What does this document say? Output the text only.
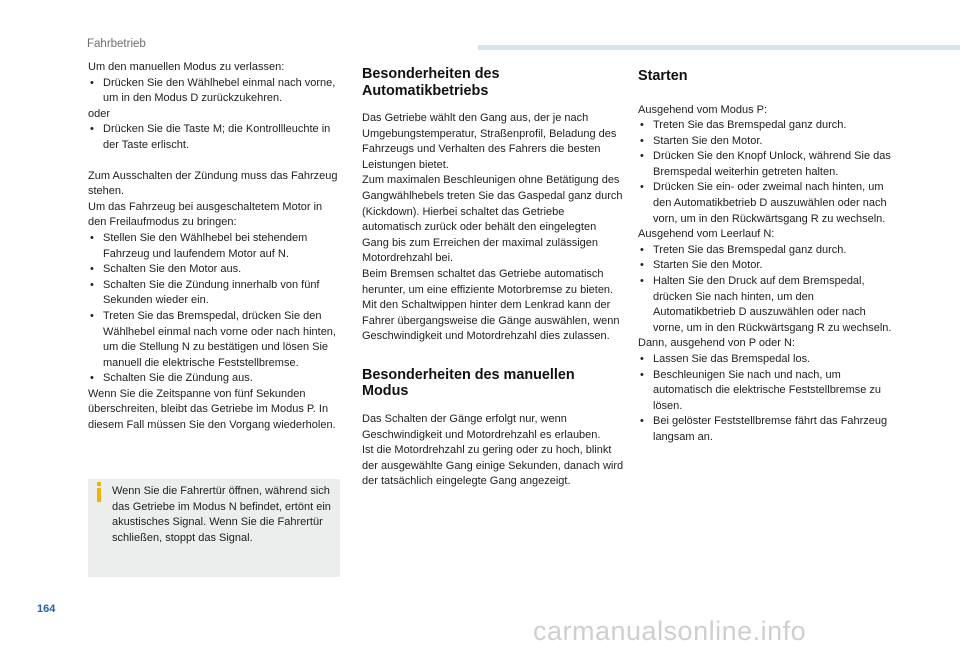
Fahrbetrieb

Um den manuellen Modus zu verlassen:

• Drücken Sie den Wählhebel einmal nach vorne, um in den Modus D zurückzukehren.

oder

• Drücken Sie die Taste M; die Kontrollleuchte in der Taste erlischt.

Zum Ausschalten der Zündung muss das Fahrzeug stehen.

Um das Fahrzeug bei ausgeschaltetem Motor in den Freilaufmodus zu bringen:

• Stellen Sie den Wählhebel bei stehendem Fahrzeug und laufendem Motor auf N.

• Schalten Sie den Motor aus.

• Schalten Sie die Zündung innerhalb von fünf Sekunden wieder ein.

• Treten Sie das Bremspedal, drücken Sie den Wählhebel einmal nach vorne oder nach hinten, um die Stellung N zu bestätigen und lösen Sie manuell die elektrische Feststellbremse.

• Schalten Sie die Zündung aus.

Wenn Sie die Zeitspanne von fünf Sekunden überschreiten, bleibt das Getriebe im Modus P. In diesem Fall müssen Sie den Vorgang wiederholen.

Wenn Sie die Fahrertür öffnen, während sich das Getriebe im Modus N befindet, ertönt ein akustisches Signal. Wenn Sie die Fahrertür schließen, stoppt das Signal.

Besonderheiten des Automatikbetriebs

Das Getriebe wählt den Gang aus, der je nach Umgebungstemperatur, Straßenprofil, Beladung des Fahrzeugs und Verhalten des Fahrers die besten Leistungen bietet.

Zum maximalen Beschleunigen ohne Betätigung des Gangwählhebels treten Sie das Gaspedal ganz durch (Kickdown). Hierbei schaltet das Getriebe automatisch zurück oder behält den eingelegten Gang bis zum Erreichen der maximal zulässigen Motordrehzahl bei.

Beim Bremsen schaltet das Getriebe automatisch herunter, um eine effiziente Motorbremse zu bieten.

Mit den Schaltwippen hinter dem Lenkrad kann der Fahrer übergangsweise die Gänge auswählen, wenn Geschwindigkeit und Motordrehzahl dies zulassen.

Besonderheiten des manuellen Modus

Das Schalten der Gänge erfolgt nur, wenn Geschwindigkeit und Motordrehzahl es erlauben.

Ist die Motordrehzahl zu gering oder zu hoch, blinkt der ausgewählte Gang einige Sekunden, danach wird der tatsächlich eingelegte Gang angezeigt.

Starten

Ausgehend vom Modus P:

• Treten Sie das Bremspedal ganz durch.

• Starten Sie den Motor.

• Drücken Sie den Knopf Unlock, während Sie das Bremspedal weiterhin getreten halten.

• Drücken Sie ein- oder zweimal nach hinten, um den Automatikbetrieb D auszuwählen oder nach vorn, um in den Rückwärtsgang R zu wechseln.

Ausgehend vom Leerlauf N:

• Treten Sie das Bremspedal ganz durch.

• Starten Sie den Motor.

• Halten Sie den Druck auf dem Bremspedal, drücken Sie nach hinten, um den Automatikbetrieb D auszuwählen oder nach vorne, um in den Rückwärtsgang R zu wechseln.

Dann, ausgehend von P oder N:

• Lassen Sie das Bremspedal los.

• Beschleunigen Sie nach und nach, um automatisch die elektrische Feststellbremse zu lösen.

• Bei gelöster Feststellbremse fährt das Fahrzeug langsam an.

164
carmanualsonline.info
